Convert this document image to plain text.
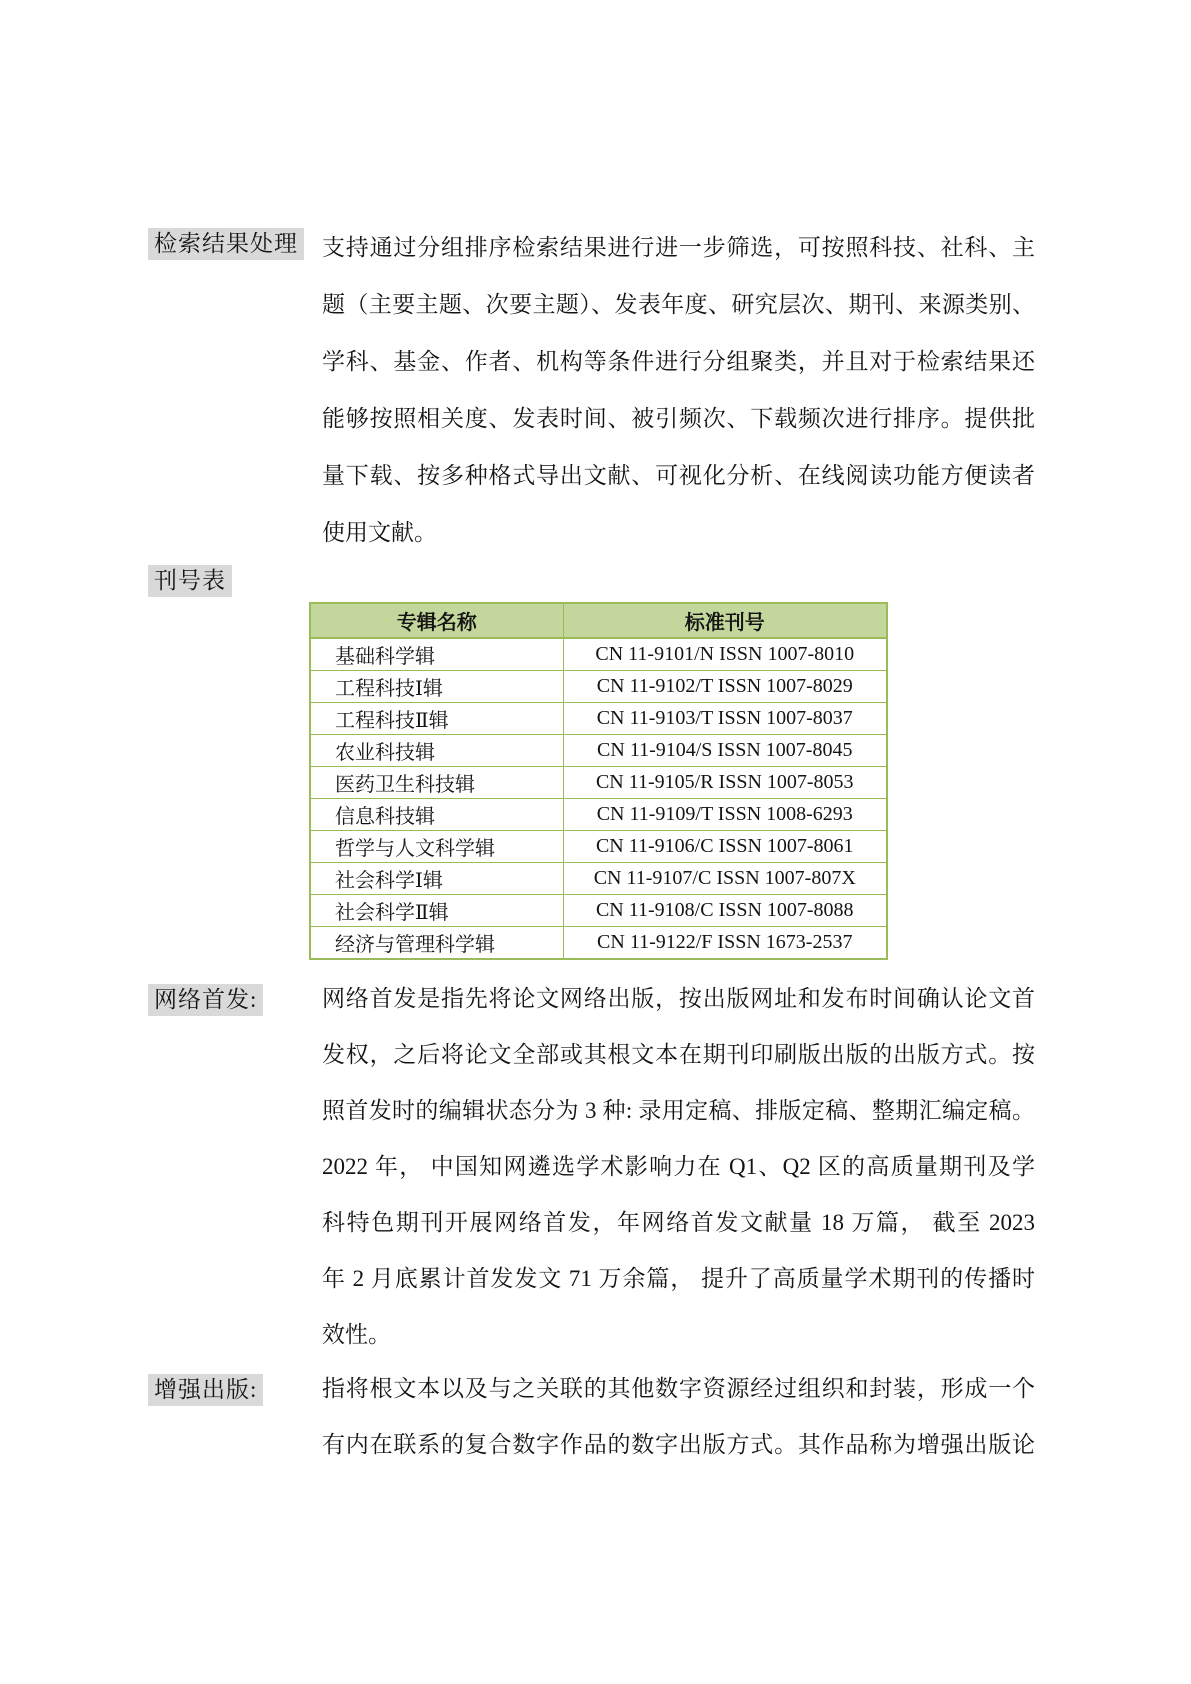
检索结果处理 支持通过分组排序检索结果进行进一步筛选，可按照科技、社科、主
题（主要主题、次要主题）、发表年度、研究层次、期刊、来源类别、
学科、基金、作者、机构等条件进行分组聚类，并且对于检索结果还
能够按照相关度、发表时间、被引频次、下载频次进行排序。提供批
量下载、按多种格式导出文献、可视化分析、在线阅读功能方便读者
使用文献。
刊号表
专辑名称	标准刊号
基础科学辑	CN 11-9101/N ISSN 1007-8010
工程科技Ⅰ辑	CN 11-9102/T ISSN 1007-8029
工程科技Ⅱ辑	CN 11-9103/T ISSN 1007-8037
农业科技辑	CN 11-9104/S ISSN 1007-8045
医药卫生科技辑	CN 11-9105/R ISSN 1007-8053
信息科技辑	CN 11-9109/T ISSN 1008-6293
哲学与人文科学辑	CN 11-9106/C ISSN 1007-8061
社会科学Ⅰ辑	CN 11-9107/C ISSN 1007-807X
社会科学Ⅱ辑	CN 11-9108/C ISSN 1007-8088
经济与管理科学辑	CN 11-9122/F ISSN 1673-2537
网络首发:	网络首发是指先将论文网络出版，按出版网址和发布时间确认论文首
发权，之后将论文全部或其根文本在期刊印刷版出版的出版方式。按
照首发时的编辑状态分为 3 种: 录用定稿、排版定稿、整期汇编定稿。
2022 年， 中国知网遴选学术影响力在 Q1、Q2 区的高质量期刊及学
科特色期刊开展网络首发，年网络首发文献量 18 万篇， 截至 2023
年 2 月底累计首发发文 71 万余篇， 提升了高质量学术期刊的传播时
效性。
增强出版:	指将根文本以及与之关联的其他数字资源经过组织和封装，形成一个
有内在联系的复合数字作品的数字出版方式。其作品称为增强出版论
